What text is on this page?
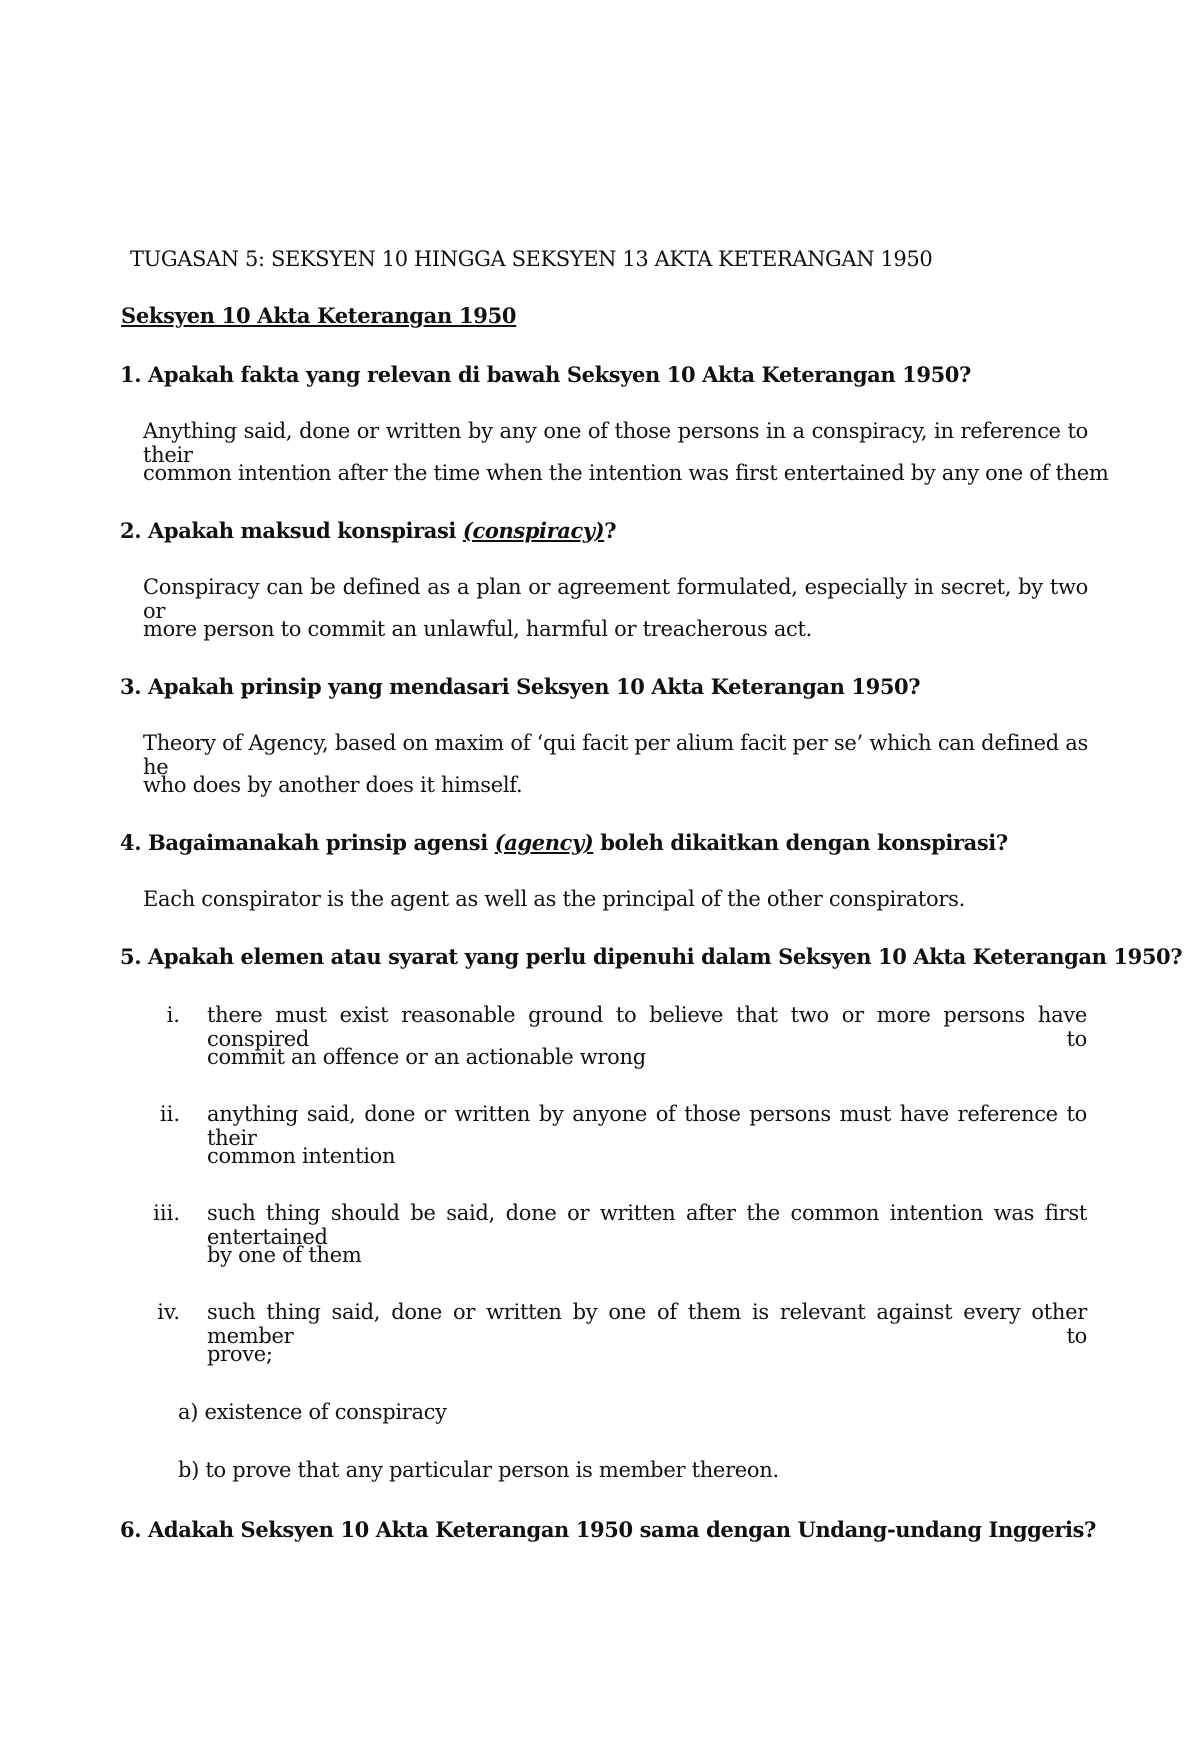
TUGASAN 5: SEKSYEN 10 HINGGA SEKSYEN 13 AKTA KETERANGAN 1950
Seksyen 10 Akta Keterangan 1950
1. Apakah fakta yang relevan di bawah Seksyen 10 Akta Keterangan 1950?
Anything said, done or written by any one of those persons in a conspiracy, in reference to their
common intention after the time when the intention was first entertained by any one of them
2. Apakah maksud konspirasi (conspiracy)?
Conspiracy can be defined as a plan or agreement formulated, especially in secret, by two or
more person to commit an unlawful, harmful or treacherous act.
3. Apakah prinsip yang mendasari Seksyen 10 Akta Keterangan 1950?
Theory of Agency, based on maxim of ‘qui facit per alium facit per se’ which can defined as he
who does by another does it himself.
4. Bagaimanakah prinsip agensi (agency) boleh dikaitkan dengan konspirasi?
Each conspirator is the agent as well as the principal of the other conspirators.
5. Apakah elemen atau syarat yang perlu dipenuhi dalam Seksyen 10 Akta Keterangan 1950?
i. there must exist reasonable ground to believe that two or more persons have conspired to
commit an offence or an actionable wrong
ii. anything said, done or written by anyone of those persons must have reference to their
common intention
iii. such thing should be said, done or written after the common intention was first entertained
by one of them
iv. such thing said, done or written by one of them is relevant against every other member to
prove;
a) existence of conspiracy
b) to prove that any particular person is member thereon.
6. Adakah Seksyen 10 Akta Keterangan 1950 sama dengan Undang-undang Inggeris?
